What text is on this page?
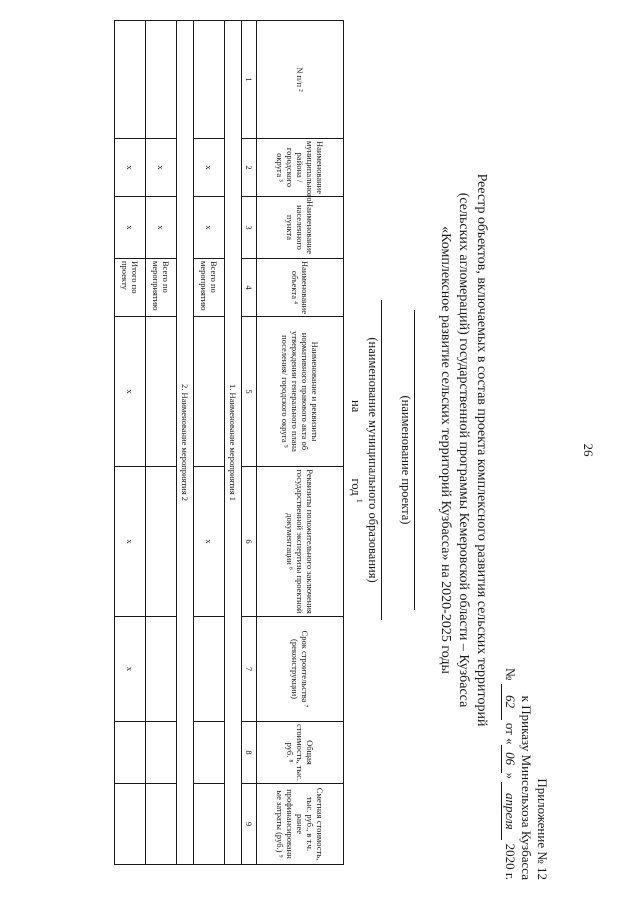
26
Приложение № 12
к Приказу Минсельхоза Кузбасса
№ 62 от «06» апреля 2020 г.
Реестр объектов, включаемых в состав проекта комплексного развития сельских территорий
(сельских агломераций) государственной программы Кемеровской области – Кузбасса
«Комплексное развитие сельских территорий Кузбасса» на 2020-2025 годы
(наименование проекта)
(наименование муниципального образования)
на  год $^1$
N п/п ²	Наименование муниципального района /городского округа ³	Наименование населенного пункта	Наименование объекта ⁴	Наименование и реквизиты нормативного правового акта об утверждении генерального плана поселения/ городского округа ⁵	Реквизиты положительного заключения государственной экспертизы проектной документации ⁶	Срок строительства ⁷ (реконструкции)	Общая стоимость, тыс. руб. ⁸	Сметная стоимость, тыс. руб., в т.ч. ранее профинансированн ые затраты (руб.) ⁹
1	2	3	4	5	6	7	8	9
1. Наименование мероприятия 1								
	х	х	Всего по мероприятию		х			
2. Наименование мероприятия 2								
	х	х	Всего по мероприятию					
	х	х	Итого по проекту	х	х	х		
